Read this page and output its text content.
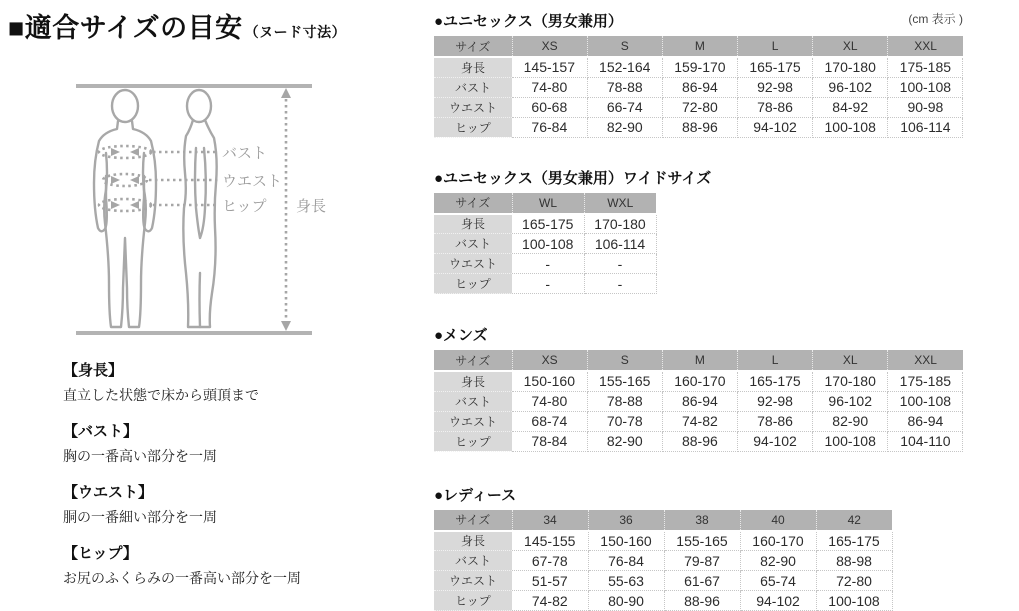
■適合サイズの目安 （ヌード寸法）
バスト
ウエスト
ヒップ 身長
【身長】
直立した状態で床から頭頂まで
【バスト】
胸の一番高い部分を一周
【ウエスト】
胴の一番細い部分を一周
【ヒップ】
お尻のふくらみの一番高い部分を一周
(cm 表示 )
●ユニセックス（男女兼用）
サイズ	XS	S	M	L	XL	XXL
身長	145-157	152-164	159-170	165-175	170-180	175-185
バスト	74-80	78-88	86-94	92-98	96-102	100-108
ウエスト	60-68	66-74	72-80	78-86	84-92	90-98
ヒップ	76-84	82-90	88-96	94-102	100-108	106-114
●ユニセックス（男女兼用）ワイドサイズ
サイズ	WL	WXL
身長	165-175	170-180
バスト	100-108	106-114
ウエスト	-	-
ヒップ	-	-
●メンズ
サイズ	XS	S	M	L	XL	XXL
身長	150-160	155-165	160-170	165-175	170-180	175-185
バスト	74-80	78-88	86-94	92-98	96-102	100-108
ウエスト	68-74	70-78	74-82	78-86	82-90	86-94
ヒップ	78-84	82-90	88-96	94-102	100-108	104-110
●レディース
サイズ	34	36	38	40	42
身長	145-155	150-160	155-165	160-170	165-175
バスト	67-78	76-84	79-87	82-90	88-98
ウエスト	51-57	55-63	61-67	65-74	72-80
ヒップ	74-82	80-90	88-96	94-102	100-108
